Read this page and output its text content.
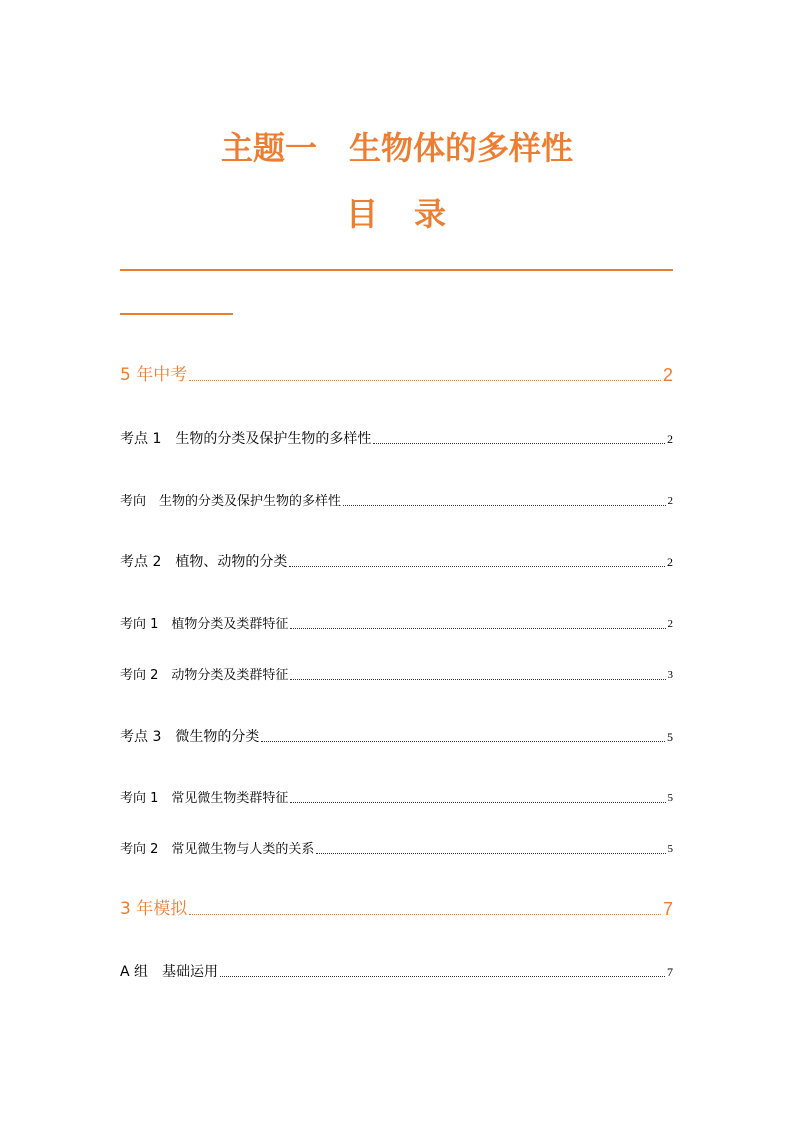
主题一　生物体的多样性
目　录
5 年中考	2
考点 1　生物的分类及保护生物的多样性	2
考向　生物的分类及保护生物的多样性	2
考点 2　植物、动物的分类	2
考向 1　植物分类及类群特征	2
考向 2　动物分类及类群特征	3
考点 3　微生物的分类	5
考向 1　常见微生物类群特征	5
考向 2　常见微生物与人类的关系	5
3 年模拟	7
A 组　基础运用	7
